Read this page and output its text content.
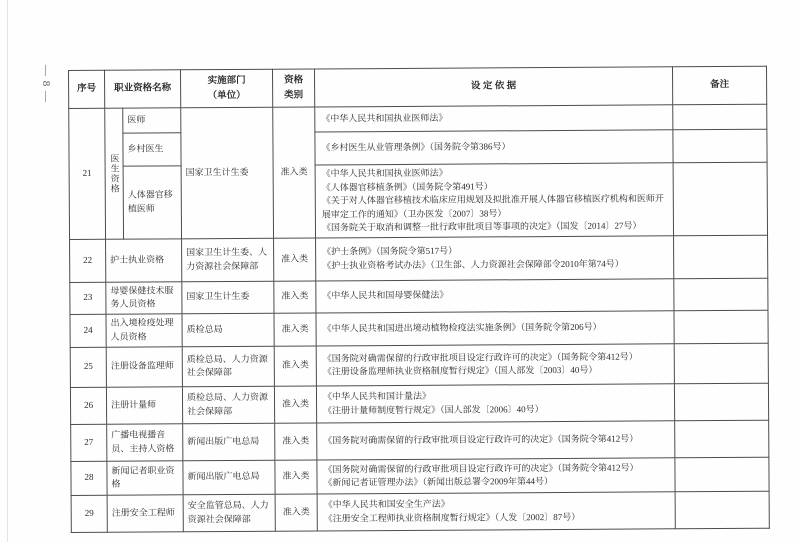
— 8 —	序号	职业资格名称		实施部门
（单位）	资格
类别	设 定 依 据	备注
21	医生资格	医师	国家卫生计生委	准入类	《中华人民共和国执业医师法》	
		乡村医生			《乡村医生从业管理条例》（国务院令第386号）	
		人体器官移植医师			《中华人民共和国执业医师法》
《人体器官移植条例》（国务院令第491号）
《关于对人体器官移植技术临床应用规划及拟批准开展人体器官移植医疗机构和医师开展审定工作的通知》（卫办医发〔2007〕38号）
《国务院关于取消和调整一批行政审批项目等事项的决定》（国发〔2014〕27号）	
22	护士执业资格		国家卫生计生委、人力资源社会保障部	准入类	《护士条例》（国务院令第517号）
《护士执业资格考试办法》（卫生部、人力资源社会保障部令2010年第74号）	
23	母婴保健技术服务人员资格		国家卫生计生委	准入类	《中华人民共和国母婴保健法》	
24	出入境检疫处理人员资格		质检总局	准入类	《中华人民共和国进出境动植物检疫法实施条例》（国务院令第206号）	
25	注册设备监理师		质检总局、人力资源社会保障部	准入类	《国务院对确需保留的行政审批项目设定行政许可的决定》（国务院令第412号）
《注册设备监理师执业资格制度暂行规定》（国人部发〔2003〕40号）	
26	注册计量师		质检总局、人力资源社会保障部	准入类	《中华人民共和国计量法》
《注册计量师制度暂行规定》（国人部发〔2006〕40号）	
27	广播电视播音员、主持人资格		新闻出版广电总局	准入类	《国务院对确需保留的行政审批项目设定行政许可的决定》（国务院令第412号）	
28	新闻记者职业资格		新闻出版广电总局	准入类	《国务院对确需保留的行政审批项目设定行政许可的决定》（国务院令第412号）
《新闻记者证管理办法》（新闻出版总署令2009年第44号）	
29	注册安全工程师		安全监管总局、人力资源社会保障部	准入类	《中华人民共和国安全生产法》
《注册安全工程师执业资格制度暂行规定》（人发〔2002〕87号）	
